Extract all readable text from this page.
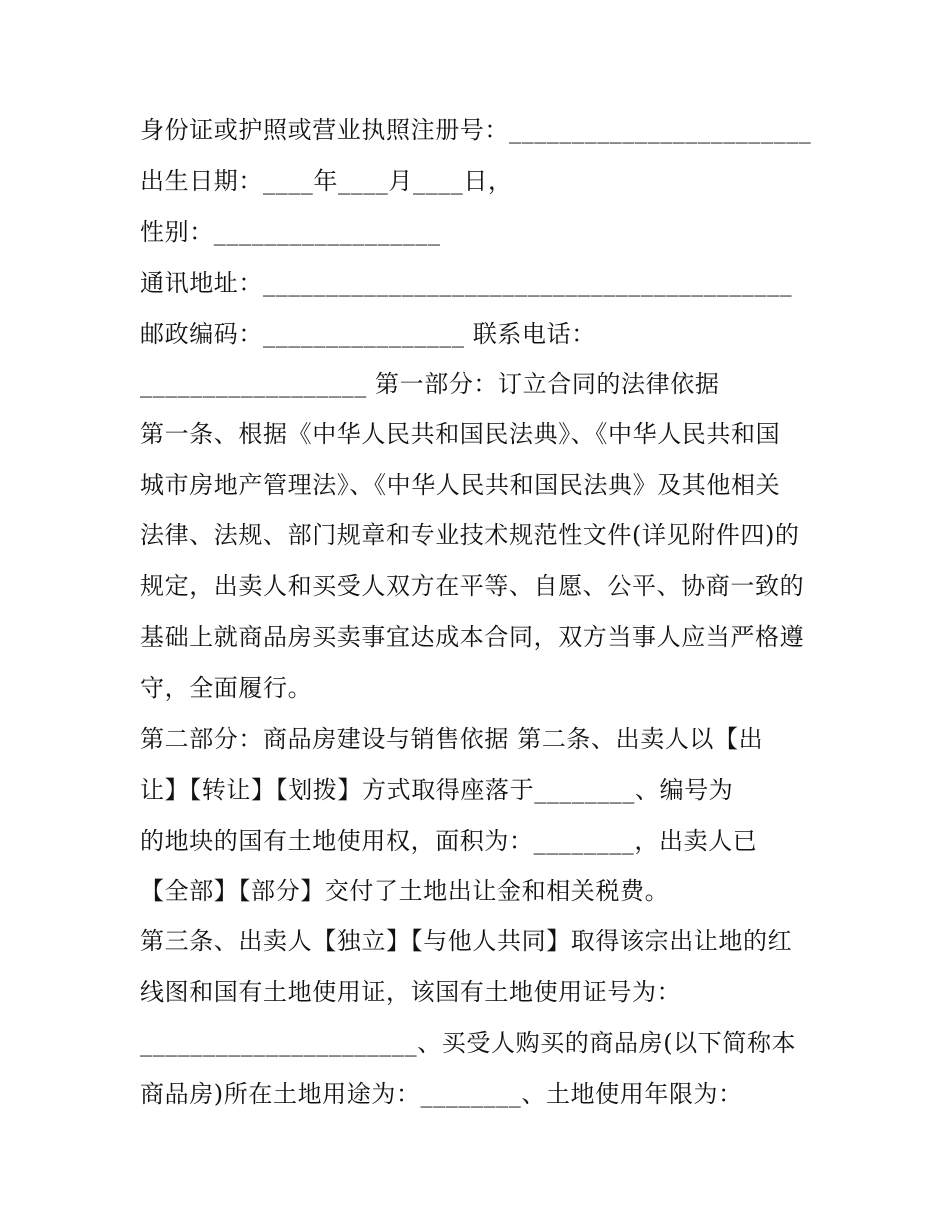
身份证或护照或营业执照注册号：________________________
出生日期：____年____月____日，
性别：__________________
通讯地址：__________________________________________
邮政编码：________________ 联系电话：
__________________ 第一部分：订立合同的法律依据
第一条、根据《中华人民共和国民法典》、《中华人民共和国
城市房地产管理法》、《中华人民共和国民法典》及其他相关
法律、法规、部门规章和专业技术规范性文件(详见附件四)的
规定，出卖人和买受人双方在平等、自愿、公平、协商一致的
基础上就商品房买卖事宜达成本合同，双方当事人应当严格遵
守，全面履行。
第二部分：商品房建设与销售依据 第二条、出卖人以【出
让】【转让】【划拨】方式取得座落于________、编号为
的地块的国有土地使用权，面积为：________，出卖人已
【全部】【部分】交付了土地出让金和相关税费。
第三条、出卖人【独立】【与他人共同】取得该宗出让地的红
线图和国有土地使用证，该国有土地使用证号为：
______________________、买受人购买的商品房(以下简称本
商品房)所在土地用途为：________、土地使用年限为：
